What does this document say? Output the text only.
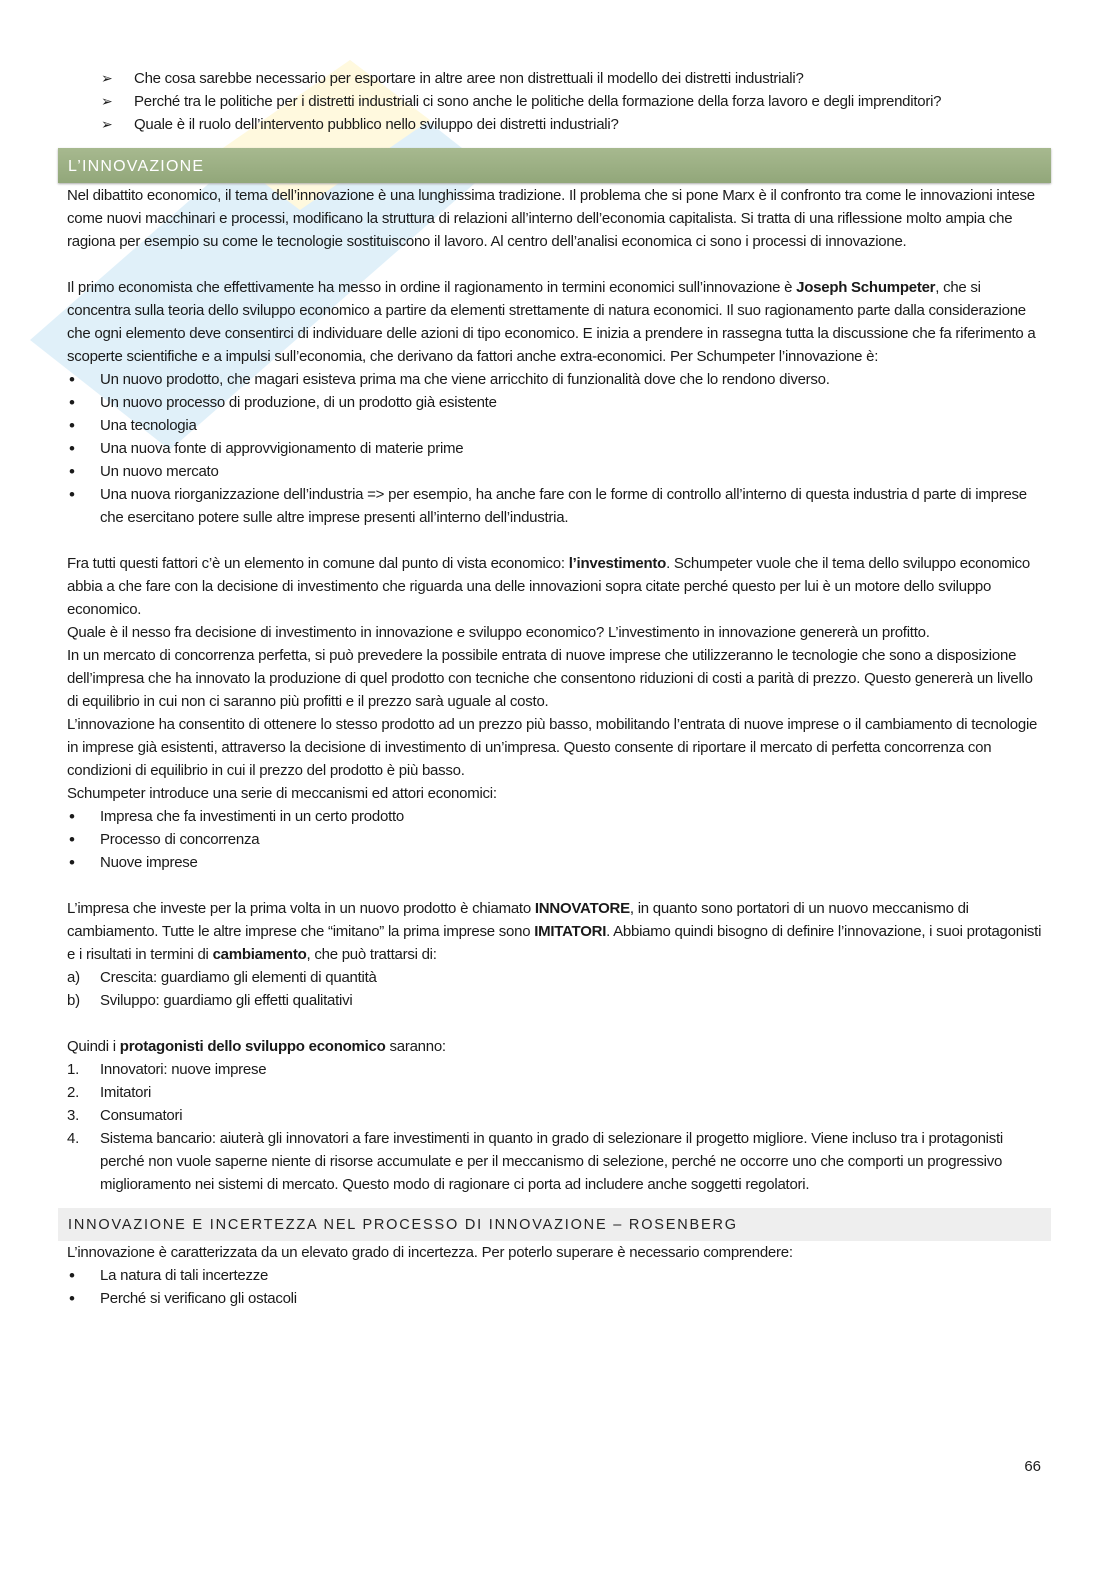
➢ Che cosa sarebbe necessario per esportare in altre aree non distrettuali il modello dei distretti industriali?
➢ Perché tra le politiche per i distretti industriali ci sono anche le politiche della formazione della forza lavoro e degli imprenditori?
➢ Quale è il ruolo dell’intervento pubblico nello sviluppo dei distretti industriali?
L’INNOVAZIONE

Nel dibattito economico, il tema dell’innovazione è una lunghissima tradizione. Il problema che si pone Marx è il confronto tra come le innovazioni intese come nuovi macchinari e processi, modificano la struttura di relazioni all’interno dell’economia capitalista. Si tratta di una riflessione molto ampia che ragiona per esempio su come le tecnologie sostituiscono il lavoro. Al centro dell’analisi economica ci sono i processi di innovazione.

Il primo economista che effettivamente ha messo in ordine il ragionamento in termini economici sull’innovazione è Joseph Schumpeter, che si concentra sulla teoria dello sviluppo economico a partire da elementi strettamente di natura economici. Il suo ragionamento parte dalla considerazione che ogni elemento deve consentirci di individuare delle azioni di tipo economico. E inizia a prendere in rassegna tutta la discussione che fa riferimento a scoperte scientifiche e a impulsi sull’economia, che derivano da fattori anche extra-economici. Per Schumpeter l’innovazione è:

• Un nuovo prodotto, che magari esisteva prima ma che viene arricchito di funzionalità dove che lo rendono diverso.
• Un nuovo processo di produzione, di un prodotto già esistente
• Una tecnologia
• Una nuova fonte di approvvigionamento di materie prime
• Un nuovo mercato
• Una nuova riorganizzazione dell’industria => per esempio, ha anche fare con le forme di controllo all’interno di questa industria d parte di imprese che esercitano potere sulle altre imprese presenti all’interno dell’industria.

Fra tutti questi fattori c’è un elemento in comune dal punto di vista economico: l’investimento. Schumpeter vuole che il tema dello sviluppo economico abbia a che fare con la decisione di investimento che riguarda una delle innovazioni sopra citate perché questo per lui è un motore dello sviluppo economico.

Quale è il nesso fra decisione di investimento in innovazione e sviluppo economico? L’investimento in innovazione genererà un profitto.

In un mercato di concorrenza perfetta, si può prevedere la possibile entrata di nuove imprese che utilizzeranno le tecnologie che sono a disposizione dell’impresa che ha innovato la produzione di quel prodotto con tecniche che consentono riduzioni di costi a parità di prezzo. Questo genererà un livello di equilibrio in cui non ci saranno più profitti e il prezzo sarà uguale al costo.

L’innovazione ha consentito di ottenere lo stesso prodotto ad un prezzo più basso, mobilitando l’entrata di nuove imprese o il cambiamento di tecnologie in imprese già esistenti, attraverso la decisione di investimento di un’impresa. Questo consente di riportare il mercato di perfetta concorrenza con condizioni di equilibrio in cui il prezzo del prodotto è più basso.

Schumpeter introduce una serie di meccanismi ed attori economici:

• Impresa che fa investimenti in un certo prodotto
• Processo di concorrenza
• Nuove imprese

L’impresa che investe per la prima volta in un nuovo prodotto è chiamato INNOVATORE, in quanto sono portatori di un nuovo meccanismo di cambiamento. Tutte le altre imprese che “imitano” la prima imprese sono IMITATORI. Abbiamo quindi bisogno di definire l’innovazione, i suoi protagonisti e i risultati in termini di cambiamento, che può trattarsi di:

a) Crescita: guardiamo gli elementi di quantità
b) Sviluppo: guardiamo gli effetti qualitativi

Quindi i protagonisti dello sviluppo economico saranno:

1. Innovatori: nuove imprese
2. Imitatori
3. Consumatori
4. Sistema bancario: aiuterà gli innovatori a fare investimenti in quanto in grado di selezionare il progetto migliore. Viene incluso tra i protagonisti perché non vuole saperne niente di risorse accumulate e per il meccanismo di selezione, perché ne occorre uno che comporti un progressivo miglioramento nei sistemi di mercato. Questo modo di ragionare ci porta ad includere anche soggetti regolatori.
INNOVAZIONE E INCERTEZZA NEL PROCESSO DI INNOVAZIONE – ROSENBERG

L’innovazione è caratterizzata da un elevato grado di incertezza. Per poterlo superare è necessario comprendere:

• La natura di tali incertezze
• Perché si verificano gli ostacoli
66
